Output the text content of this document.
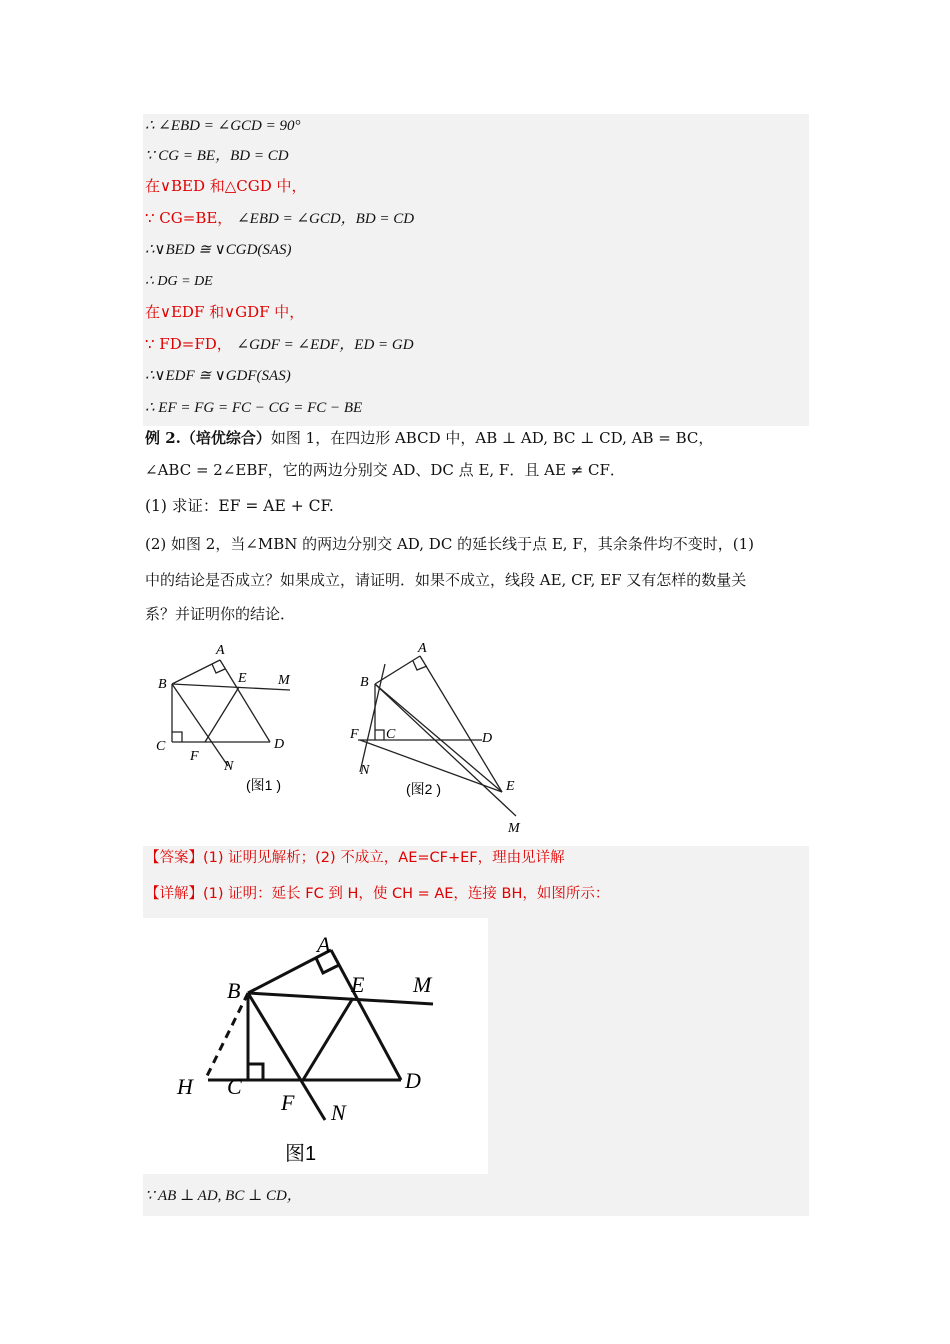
∴ ∠EBD = ∠GCD = 90°
∵ CG = BE，BD = CD
在∨BED 和△CGD 中，
∵ CG=BE， ∠EBD = ∠GCD，BD = CD
∴∨BED ≅ ∨CGD(SAS)
∴ DG = DE
在∨EDF 和∨GDF 中，
∵ FD=FD， ∠GDF = ∠EDF，ED = GD
∴∨EDF ≅ ∨GDF(SAS)
∴ EF = FG = FC − CG = FC − BE
例 2.（培优综合）如图 1，在四边形 ABCD 中，AB ⊥ AD, BC ⊥ CD, AB = BC，
∠ABC = 2∠EBF，它的两边分别交 AD、DC 点 E, F．且 AE ≠ CF．
(1) 求证：EF = AE + CF.
(2) 如图 2，当∠MBN 的两边分别交 AD, DC 的延长线于点 E, F，其余条件均不变时，(1)
中的结论是否成立？如果成立，请证明．如果不成立，线段 AE, CF, EF 又有怎样的数量关
系？并证明你的结论．
A
B	E M
C	D
F
N
(图1 )
A
B
F C	D
N
E
M
(图2 )
【答案】(1) 证明见解析；(2) 不成立，AE=CF+EF，理由见详解
【详解】(1) 证明：延长 FC 到 H，使 CH = AE，连接 BH，如图所示：
A
B	E M
H C	D
F N
图1
∵ AB ⊥ AD, BC ⊥ CD，
